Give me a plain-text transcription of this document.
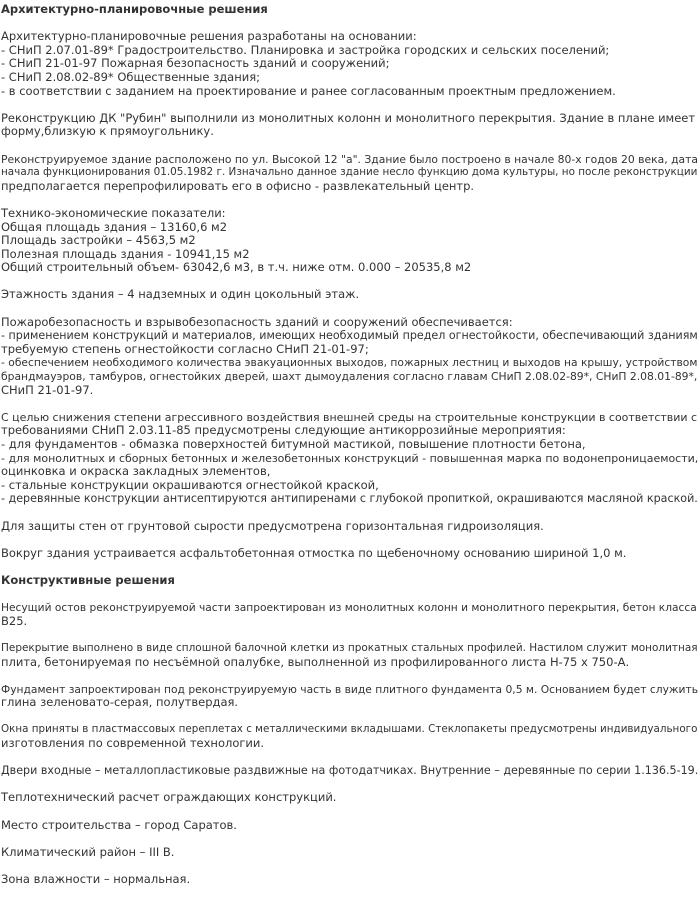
Архитектурно-планировочные решения

Архитектурно-планировочные решения разработаны на основании:
- СНиП 2.07.01-89* Градостроительство. Планировка и застройка городских и сельских поселений;
- СНиП 21-01-97 Пожарная безопасность зданий и сооружений;
- СНиП 2.08.02-89* Общественные здания;
- в соответствии с заданием на проектирование и ранее согласованным проектным предложением.

Реконструкцию ДК "Рубин" выполнили из монолитных колонн и монолитного перекрытия. Здание в плане имеет
форму,близкую к прямоугольнику.

Реконструируемое здание расположено по ул. Высокой 12 "а". Здание было построено в начале 80-х годов 20 века, дата
начала функционирования 01.05.1982 г. Изначально данное здание несло функцию дома культуры, но после реконструкции
предполагается перепрофилировать его в офисно - развлекательный центр.

Технико-экономические показатели:
Общая площадь здания – 13160,6 м2
Площадь застройки – 4563,5 м2
Полезная площадь здания - 10941,15 м2
Общий строительный объем- 63042,6 м3, в т.ч. ниже отм. 0.000 – 20535,8 м2

Этажность здания – 4 надземных и один цокольный этаж.

Пожаробезопасность и взрывобезопасность зданий и сооружений обеспечивается:
- применением конструкций и материалов, имеющих необходимый предел огнестойкости, обеспечивающий зданиям
требуемую степень огнестойкости согласно СНиП 21-01-97;
- обеспечением необходимого количества эвакуационных выходов, пожарных лестниц и выходов на крышу, устройством
брандмауэров, тамбуров, огнестойких дверей, шахт дымоудаления согласно главам СНиП 2.08.02-89*, СНиП 2.08.01-89*,
СНиП 21-01-97.

С целью снижения степени агрессивного воздействия внешней среды на строительные конструкции в соответствии с
требованиями СНиП 2.03.11-85 предусмотрены следующие антикоррозийные мероприятия:
- для фундаментов - обмазка поверхностей битумной мастикой, повышение плотности бетона,
- для монолитных и сборных бетонных и железобетонных конструкций - повышенная марка по водонепроницаемости,
оцинковка и окраска закладных элементов,
- стальные конструкции окрашиваются огнестойкой краской,
- деревянные конструкции антисептируются антипиренами с глубокой пропиткой, окрашиваются масляной краской.

Для защиты стен от грунтовой сырости предусмотрена горизонтальная гидроизоляция.

Вокруг здания устраивается асфальтобетонная отмостка по щебеночному основанию шириной 1,0 м.

Конструктивные решения

Несущий остов реконструируемой части запроектирован из монолитных колонн и монолитного перекрытия, бетон класса
В25.

Перекрытие выполнено в виде сплошной балочной клетки из прокатных стальных профилей. Настилом служит монолитная
плита, бетонируемая по несъёмной опалубке, выполненной из профилированного листа Н-75 х 750-А.

Фундамент запроектирован под реконструируемую часть в виде плитного фундамента 0,5 м. Основанием будет служить
глина зеленовато-серая, полутвердая.

Окна приняты в пластмассовых переплетах с металлическими вкладышами. Стеклопакеты предусмотрены индивидуального
изготовления по современной технологии.

Двери входные – металлопластиковые раздвижные на фотодатчиках. Внутренние – деревянные по серии 1.136.5-19.

Теплотехнический расчет ограждающих конструкций.

Место строительства – город Саратов.

Климатический район – III В.

Зона влажности – нормальная.
